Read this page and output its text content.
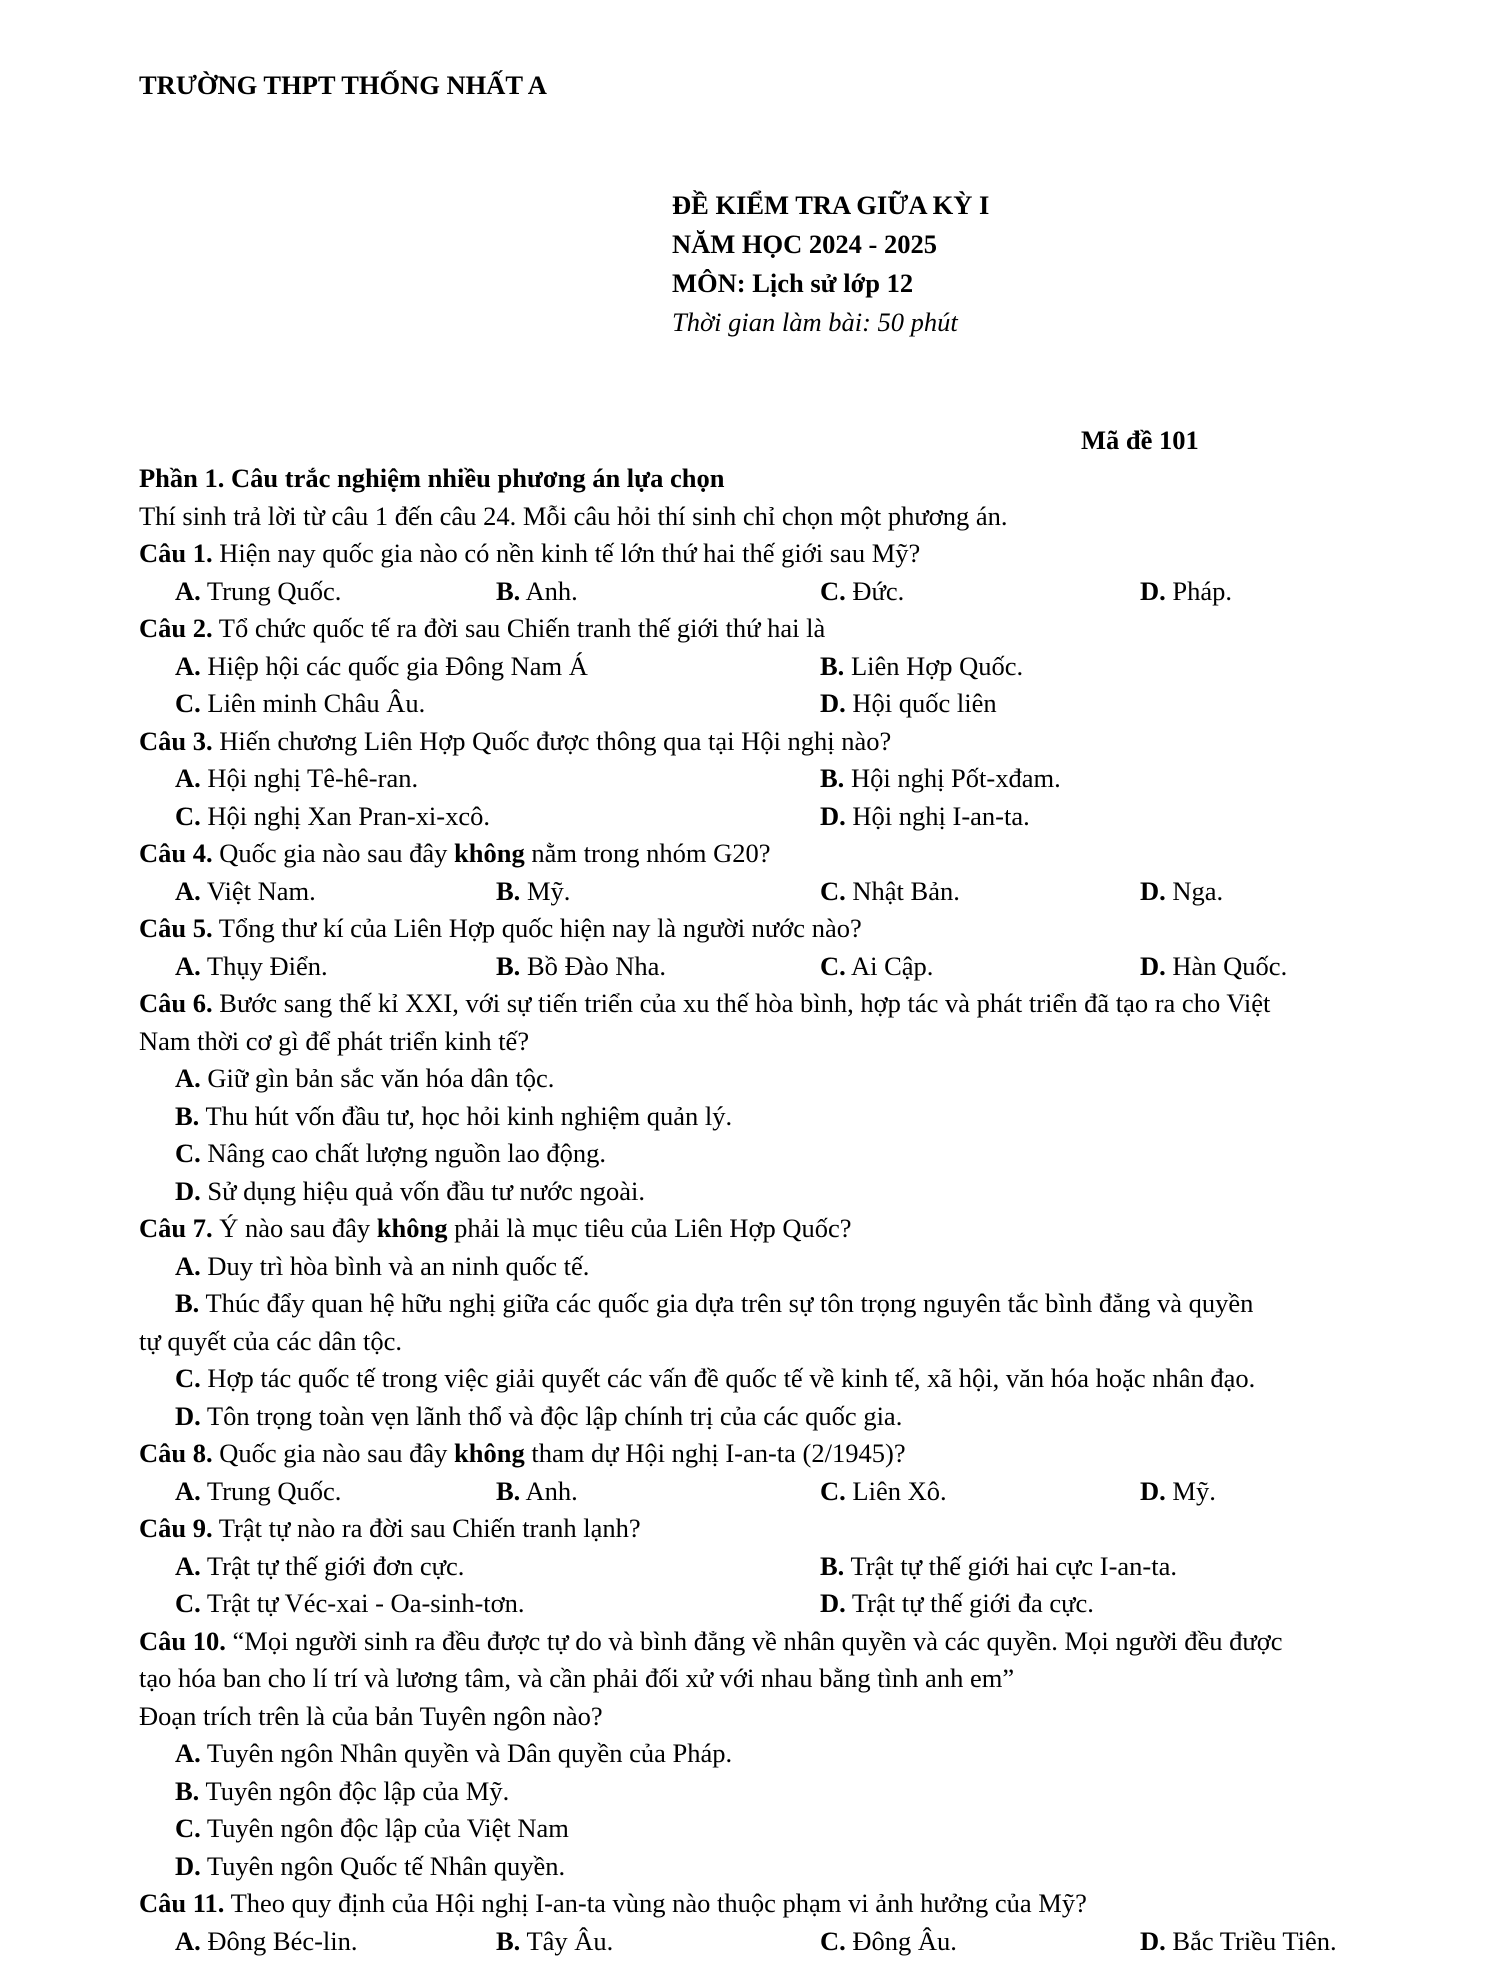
TRƯỜNG THPT THỐNG NHẤT A
ĐỀ KIỂM TRA GIỮA KỲ I
NĂM HỌC 2024 - 2025
MÔN: Lịch sử lớp 12
Thời gian làm bài: 50 phút
Mã đề 101
Phần 1. Câu trắc nghiệm nhiều phương án lựa chọn
Thí sinh trả lời từ câu 1 đến câu 24. Mỗi câu hỏi thí sinh chỉ chọn một phương án.
Câu 1. Hiện nay quốc gia nào có nền kinh tế lớn thứ hai thế giới sau Mỹ?
A. Trung Quốc.	B. Anh.	C. Đức.	D. Pháp.
Câu 2. Tổ chức quốc tế ra đời sau Chiến tranh thế giới thứ hai là
A. Hiệp hội các quốc gia Đông Nam Á	B. Liên Hợp Quốc.
C. Liên minh Châu Âu.	D. Hội quốc liên
Câu 3. Hiến chương Liên Hợp Quốc được thông qua tại Hội nghị nào?
A. Hội nghị Tê-hê-ran.	B. Hội nghị Pốt-xđam.
C. Hội nghị Xan Pran-xi-xcô.	D. Hội nghị I-an-ta.
Câu 4. Quốc gia nào sau đây không nằm trong nhóm G20?
A. Việt Nam.	B. Mỹ.	C. Nhật Bản.	D. Nga.
Câu 5. Tổng thư kí của Liên Hợp quốc hiện nay là người nước nào?
A. Thụy Điển.	B. Bồ Đào Nha.	C. Ai Cập.	D. Hàn Quốc.
Câu 6. Bước sang thế kỉ XXI, với sự tiến triển của xu thế hòa bình, hợp tác và phát triển đã tạo ra cho Việt
Nam thời cơ gì để phát triển kinh tế?
A. Giữ gìn bản sắc văn hóa dân tộc.
B. Thu hút vốn đầu tư, học hỏi kinh nghiệm quản lý.
C. Nâng cao chất lượng nguồn lao động.
D. Sử dụng hiệu quả vốn đầu tư nước ngoài.
Câu 7. Ý nào sau đây không phải là mục tiêu của Liên Hợp Quốc?
A. Duy trì hòa bình và an ninh quốc tế.
B. Thúc đẩy quan hệ hữu nghị giữa các quốc gia dựa trên sự tôn trọng nguyên tắc bình đẳng và quyền
tự quyết của các dân tộc.
C. Hợp tác quốc tế trong việc giải quyết các vấn đề quốc tế về kinh tế, xã hội, văn hóa hoặc nhân đạo.
D. Tôn trọng toàn vẹn lãnh thổ và độc lập chính trị của các quốc gia.
Câu 8. Quốc gia nào sau đây không tham dự Hội nghị I-an-ta (2/1945)?
A. Trung Quốc.	B. Anh.	C. Liên Xô.	D. Mỹ.
Câu 9. Trật tự nào ra đời sau Chiến tranh lạnh?
A. Trật tự thế giới đơn cực.	B. Trật tự thế giới hai cực I-an-ta.
C. Trật tự Véc-xai - Oa-sinh-tơn.	D. Trật tự thế giới đa cực.
Câu 10. “Mọi người sinh ra đều được tự do và bình đẳng về nhân quyền và các quyền. Mọi người đều được
tạo hóa ban cho lí trí và lương tâm, và cần phải đối xử với nhau bằng tình anh em”
Đoạn trích trên là của bản Tuyên ngôn nào?
A. Tuyên ngôn Nhân quyền và Dân quyền của Pháp.
B. Tuyên ngôn độc lập của Mỹ.
C. Tuyên ngôn độc lập của Việt Nam
D. Tuyên ngôn Quốc tế Nhân quyền.
Câu 11. Theo quy định của Hội nghị I-an-ta vùng nào thuộc phạm vi ảnh hưởng của Mỹ?
A. Đông Béc-lin.	B. Tây Âu.	C. Đông Âu.	D. Bắc Triều Tiên.
